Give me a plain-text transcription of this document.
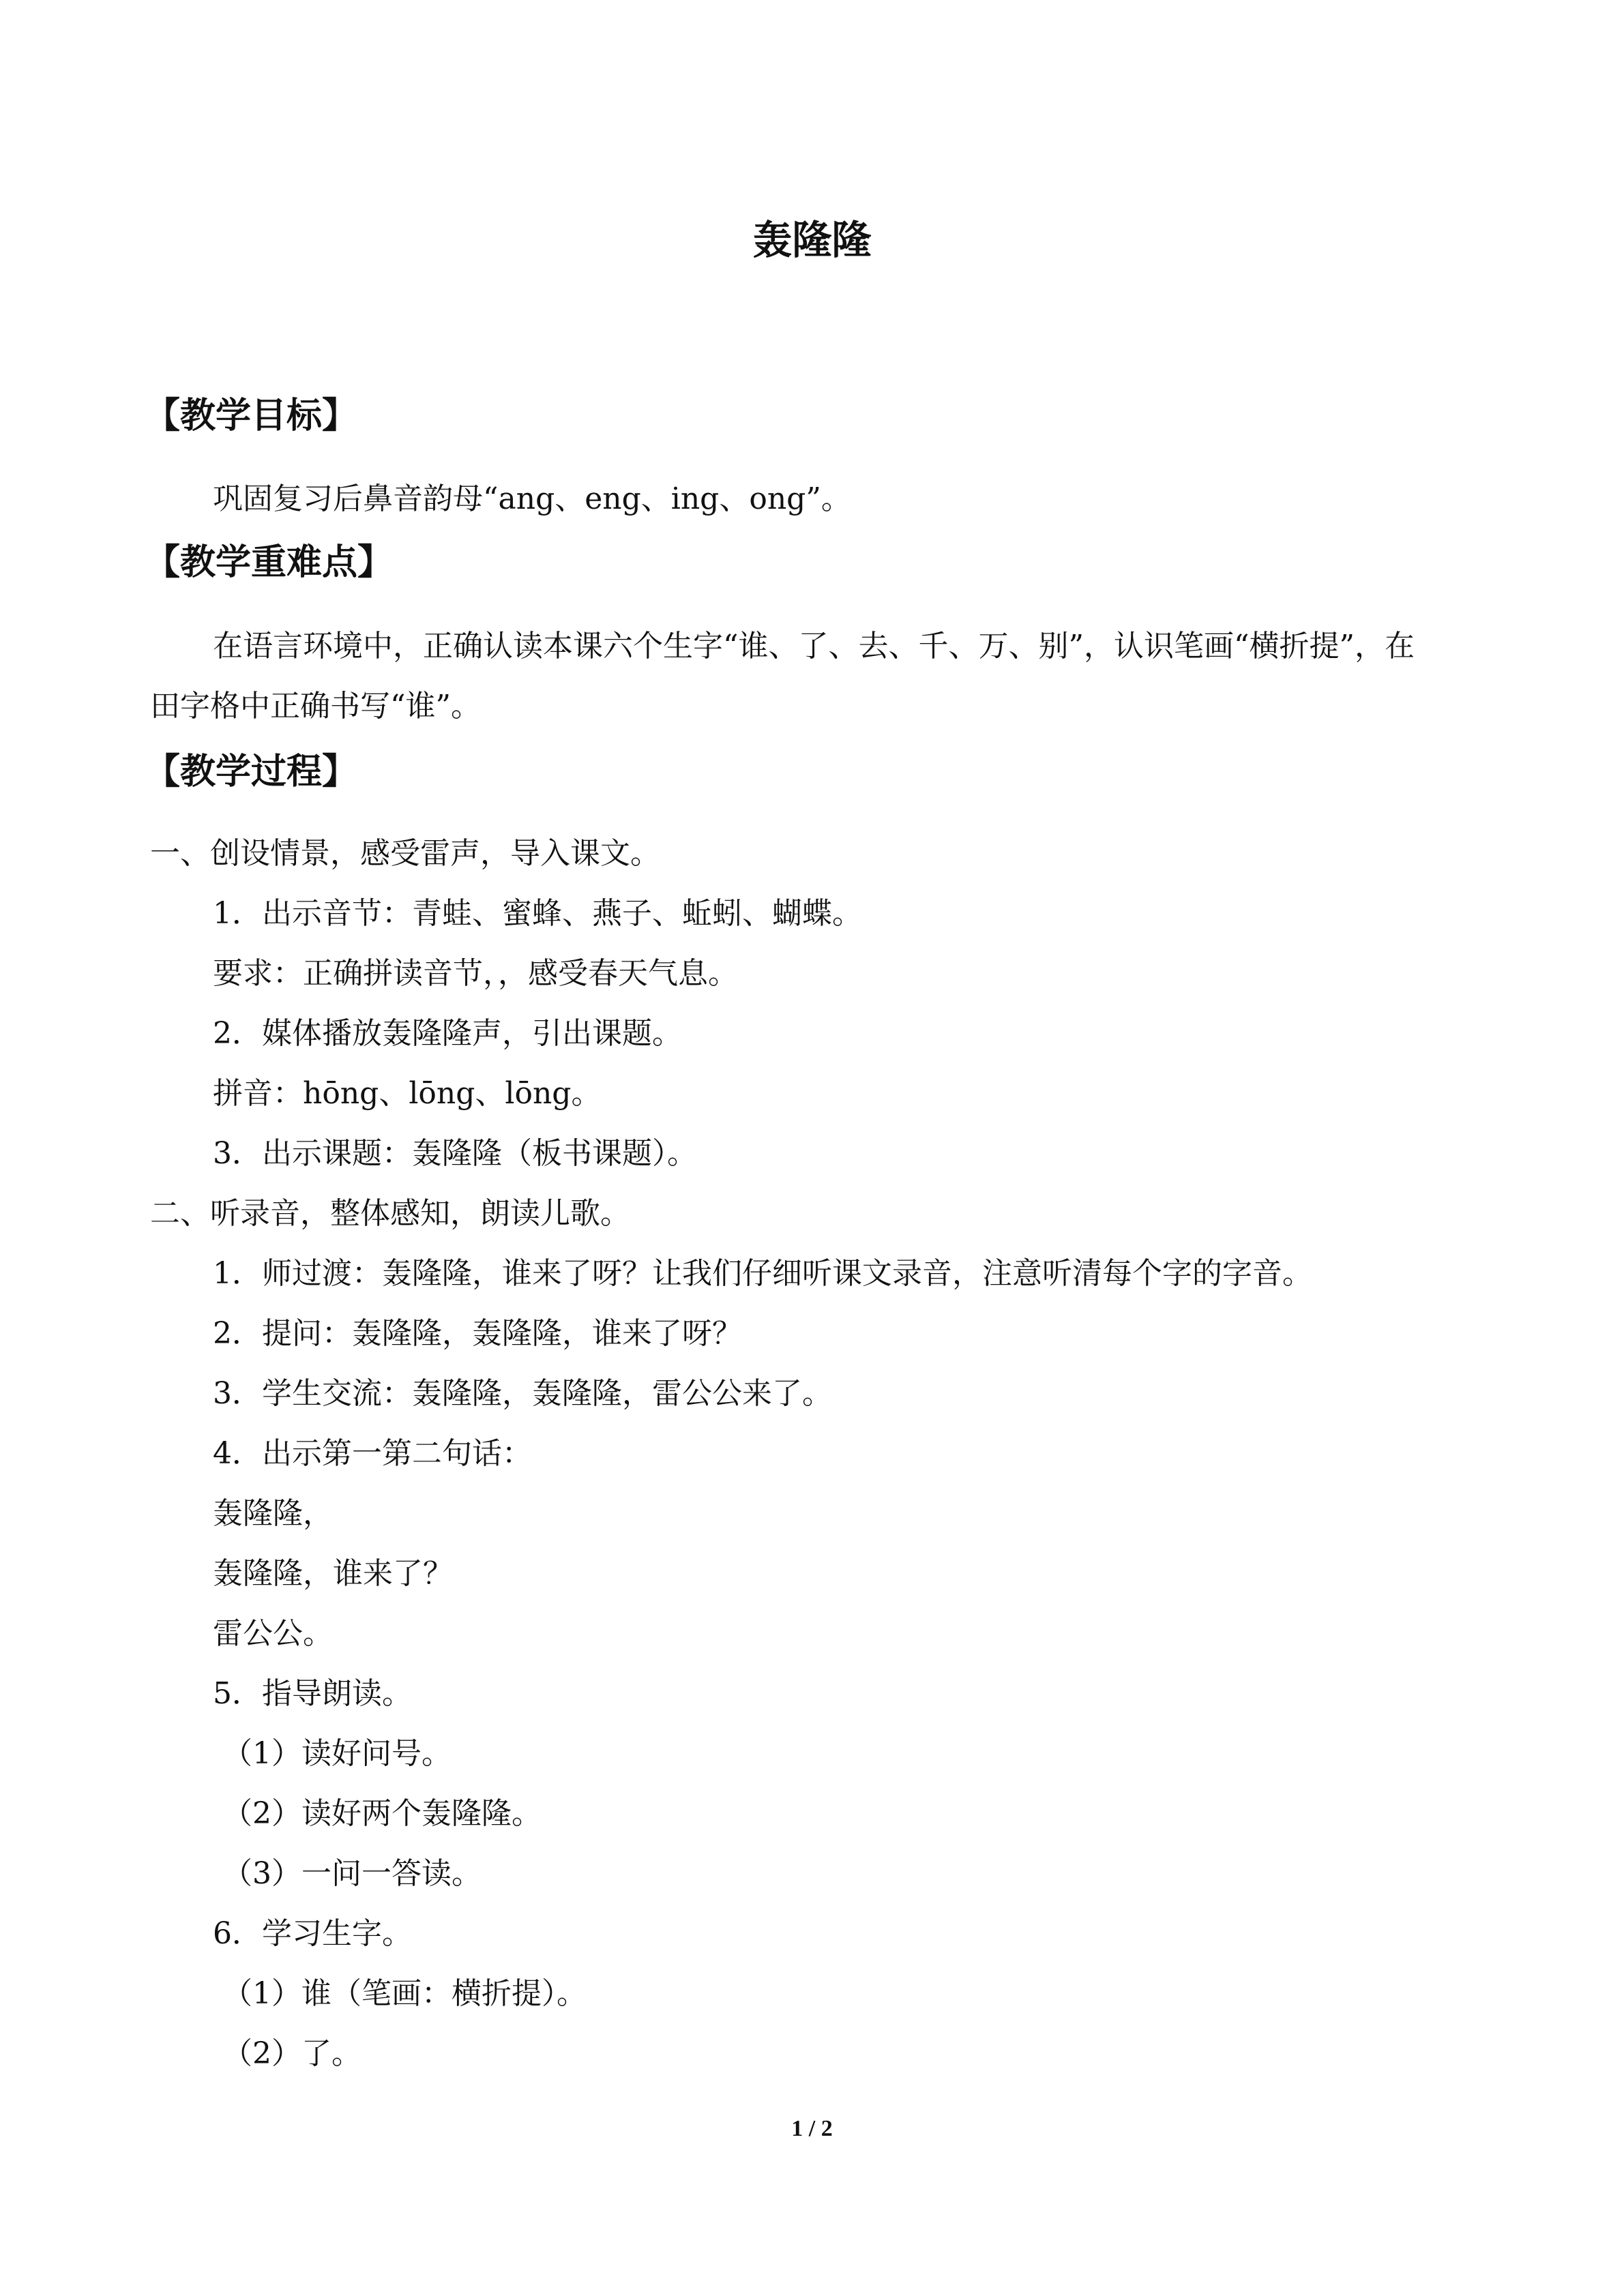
轰隆隆
【教学目标】

巩固复习后鼻音韵母“ang、eng、ing、ong”。

【教学重难点】

在语言环境中，正确认读本课六个生字“谁、了、去、千、万、别”，认识笔画“横折提”，在田字格中正确书写“谁”。

【教学过程】

一、创设情景，感受雷声，导入课文。

1．出示音节：青蛙、蜜蜂、燕子、蚯蚓、蝴蝶。

要求：正确拼读音节，，感受春天气息。

2．媒体播放轰隆隆声，引出课题。

拼音：hōng、lōng、lōng。

3．出示课题：轰隆隆（板书课题）。

二、听录音，整体感知，朗读儿歌。

1．师过渡：轰隆隆，谁来了呀？让我们仔细听课文录音，注意听清每个字的字音。

2．提问：轰隆隆，轰隆隆，谁来了呀？

3．学生交流：轰隆隆，轰隆隆，雷公公来了。

4．出示第一第二句话：

轰隆隆，

轰隆隆，谁来了？

雷公公。

5．指导朗读。

（1）读好问号。

（2）读好两个轰隆隆。

（3）一问一答读。

6．学习生字。

（1）谁（笔画：横折提）。

（2）了。

1 / 2
